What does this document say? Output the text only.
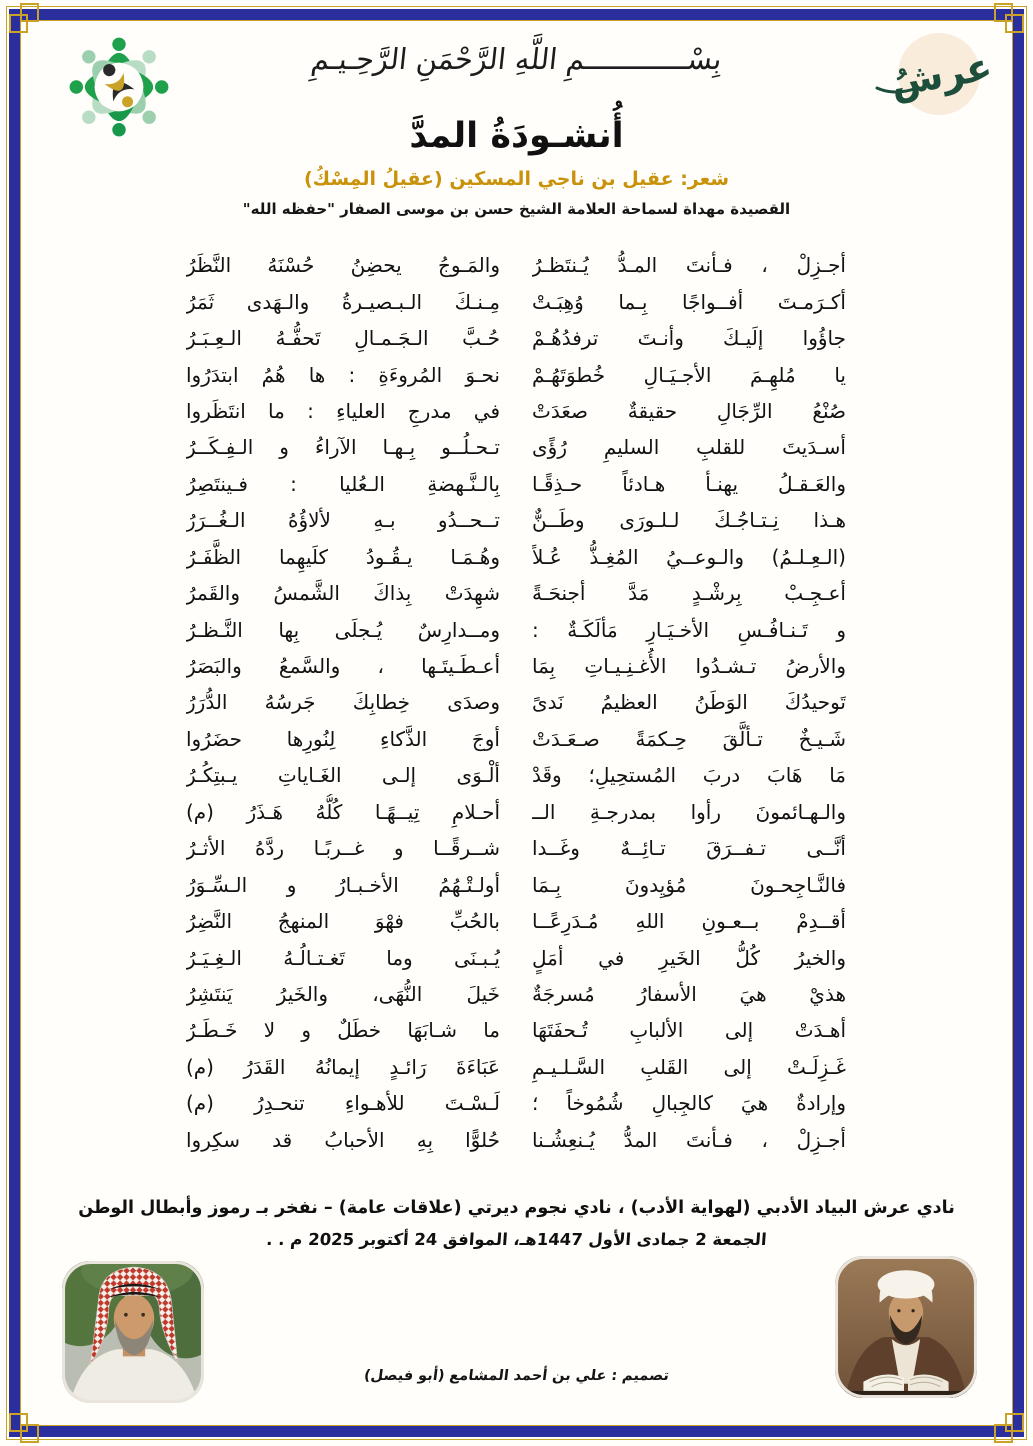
بِسْــــــــــــمِ اللَّهِ الرَّحْمَنِ الرَّحِـيـمِ	عرشُ
أُنشـودَةُ المدَّ
شعر: عقيل بن ناجي المسكين (عقيلُ المِسْكُ)
القصيدة مهداة لسماحة العلامة الشيخ حسن بن موسى الصفار "حفظه الله"
أجـزِلْ ، فـأنتَ المـدُّ يُـنتَظـرُ
والمَـوجُ يحضِنُ حُسْنَهُ النَّظَرُ
أكـرَمـتَ أفــواجًا بِـما وُهِبَـتْ
مِـنـكَ الـبـصيـرةُ والـهَدى ثَمَرُ
جاؤُوا إلَيـكَ وأنـتَ ترفدُهُـمْ
حُـبَّ الـجَـمـالِ تَحفُّـهُ الـعِـبَـرُ
يا مُلهِـمَ الأجـيَـالِ خُطوَتَهُـمْ
نحـوَ المُروءَةِ : ها هُمُ ابتدَرُوا
صُنْعُ الرِّجَالِ حقيقةٌ صعَدَتْ
في مدرجِ العلياءِ : ما انتَظَروا
أسـدَيتَ للقلبِ السليمِ رُؤًى
تـحـلُــو بِـهـا الآراءُ و الـفِـكَــرُ
والعَـقـلُ يهنـأ هـادئاً حـذِقًـا
بِالـنَّـهضةِ الـعُليا : فـينتَصِرُ
هـذا نِـتـاجُـكَ لـلـورَى وطَــنٌّ
تــحــدُو بـهِ لألاؤُهُ الـغُــرَرُ
(الـعِـلـمُ) والـوعــيُ المُغِـذُّ عُـلاً
وهُـمَـا يـقُـودُ كلَيهِما الظَّفَـرُ
أعـجِـبْ بِرشْـدٍ مَدَّ أجنحَـةً
شهِدَتْ بِذاكَ الشَّمسُ والقَمرُ
و تَـنـافُـسِ الأخـيَـارِ مَألَكَـةٌ :
ومــدارِسٌ يُـجلَى بِها النَّـظـرُ
والأرضُ تـشـدُوا الأُغـنِـيـاتِ بِمَا
أعـطَـيتَـها ، والسَّمعُ والبَصَرُ
تَوحيدُكَ الوَطَنُ العظيمُ نَدىً
وصدَى خِطابِكَ جَرسُهُ الدُّرَرُ
شَـيـخٌ تـألَّقَ حِـكمَةً صـعَـدَتْ
أوجَ الذَّكاءِ لِنُورِها حضَرُوا
مَا هَابَ دربَ المُستحِيلِ؛ وقَدْ
ألْـوَى إلـى الغَـاياتِ يـبتِكُـرُ
والـهـائمونَ رأوا بمدرجـةِ الــ
أحـلامِ تِيــهًـا كُلُّهُ هَـذَرُ (م)
أنَّــى تـفــرَقَ تـائِــهٌ وغَــدا
شــرقًــا و غــربًـا ردَّهُ الأثـرُ
فالنَّـاجِحـونَ مُؤيِدونَ بِـمَا
أولـتْـهُمُ الأخـبـارُ و الـسِّـوَرُ
أقــدِمْ بــعـونِ اللهِ مُـدَرِعًــا
بالحُبِّ فهْوَ المنهجُ النَّضِرُ
والخيرُ كُلُّ الخَيرِ في أمَلٍ
يُـبـنَى وما تَغـتـالُـهُ الـغِـيَـرُ
هذيْ هيَ الأسفارُ مُسرجَةٌ
خَيلَ النُّهَى، والخَيرُ يَنتَشِرُ
أهـدَتْ إلى الألبابِ تُـحفَتَهَا
ما شـابَهَا خطَلٌ و لا خَـطَـرُ
غَـزِلَـتْ إلى القَلبِ السَّـلـيـمِ
عَبَاءَةَ رَائـدٍ إيمانُهُ القَدَرُ (م)
وإرادةٌ هيَ كالجِبالِ شُمُوخاً ؛
لَـسْـتَ للأهـواءِ تنحـدِرُ (م)
أجـزِلْ ، فـأنتَ المدُّ يُـنعِشُـنا
حُلوًّا بِهِ الأحبابُ قد سكِروا
نادي عرش البياد الأدبي (لهواية الأدب) ، نادي نجوم ديرتي (علاقات عامة) – نفخر بـ رموز وأبطال الوطن
الجمعة 2 جمادى الأول 1447هـ، الموافق 24 أكتوبر 2025 م . .
تصميم : علي بن أحمد المشامع (أبو فيصل)
